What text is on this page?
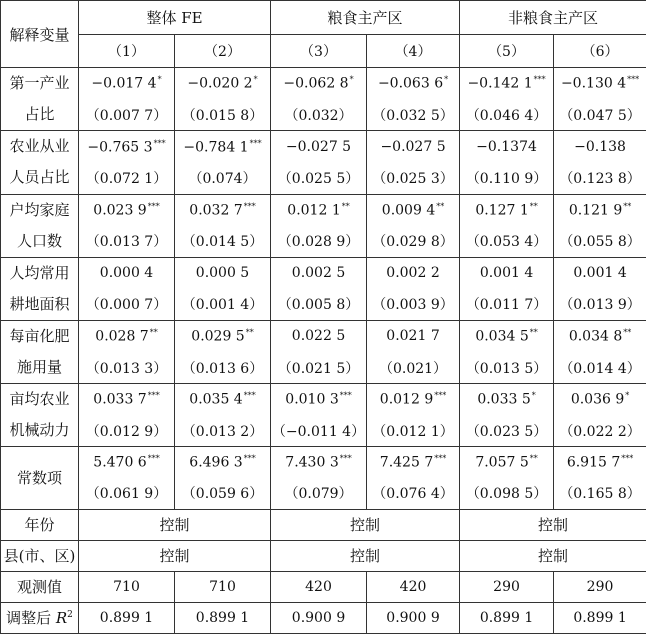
解释变量	整体 FE		粮食主产区		非粮食主产区	
	（1）	（2）	（3）	（4）	（5）	（6）
第一产业
占比	−0.017 4*	−0.020 2*	−0.062 8*	−0.063 6*	−0.142 1***	−0.130 4***
	（0.007 7）	（0.015 8）	（0.032）	（0.032 5）	（0.046 4）	（0.047 5）
农业从业
人员占比	−0.765 3***	−0.784 1***	−0.027 5	−0.027 5	−0.1374	−0.138
	（0.072 1）	（0.074）	（0.025 5）	（0.025 3）	（0.110 9）	（0.123 8）
户均家庭
人口数	0.023 9***	0.032 7***	0.012 1**	0.009 4**	0.127 1**	0.121 9**
	（0.013 7）	（0.014 5）	（0.028 9）	（0.029 8）	（0.053 4）	（0.055 8）
人均常用
耕地面积	0.000 4	0.000 5	0.002 5	0.002 2	0.001 4	0.001 4
	（0.000 7）	（0.001 4）	（0.005 8）	（0.003 9）	（0.011 7）	（0.013 9）
每亩化肥
施用量	0.028 7**	0.029 5**	0.022 5	0.021 7	0.034 5**	0.034 8**
	（0.013 3）	（0.013 6）	（0.021 5）	（0.021）	（0.013 5）	（0.014 4）
亩均农业
机械动力	0.033 7***	0.035 4***	0.010 3***	0.012 9***	0.033 5*	0.036 9*
	（0.012 9）	（0.013 2）	（−0.011 4）	（0.012 1）	（0.023 5）	（0.022 2）
常数项	5.470 6***	6.496 3***	7.430 3***	7.425 7***	7.057 5**	6.915 7***
	（0.061 9）	（0.059 6）	（0.079）	（0.076 4）	（0.098 5）	（0.165 8）
年份	控制		控制		控制	
县(市、区)	控制		控制		控制	
观测值	710	710	420	420	290	290
调整后 $R^2$	0.899 1	0.899 1	0.900 9	0.900 9	0.899 1	0.899 1
